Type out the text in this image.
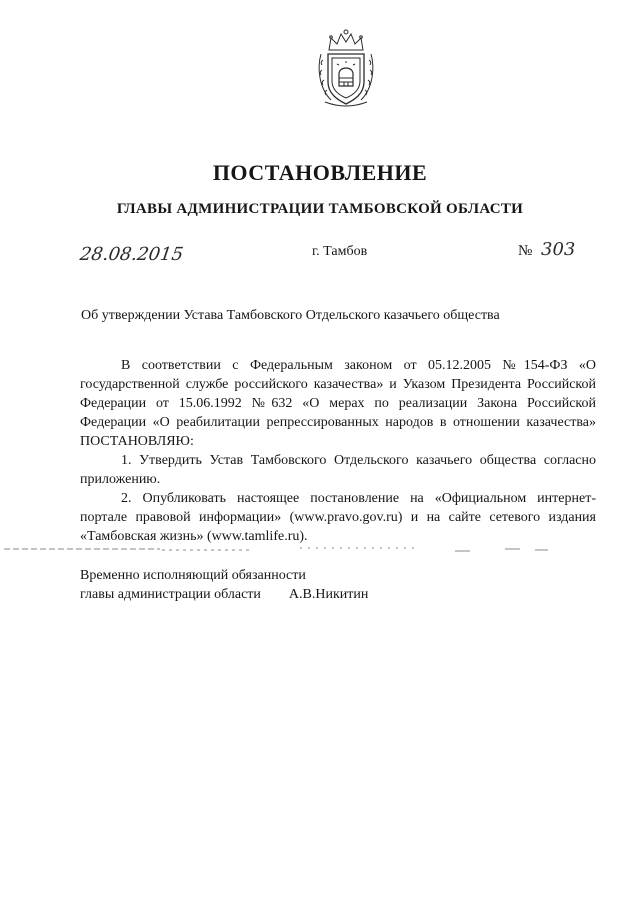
ПОСТАНОВЛЕНИЕ
ГЛАВЫ АДМИНИСТРАЦИИ ТАМБОВСКОЙ ОБЛАСТИ
28.08.2015	г. Тамбов	№ 303
Об утверждении Устава Тамбовского Отдельского казачьего общества

В соответствии с Федеральным законом от 05.12.2005 №154-ФЗ «О государственной службе российского казачества» и Указом Президента Российской Федерации от 15.06.1992 №632 «О мерах по реализации Закона Российской Федерации «О реабилитации репрессированных народов в отношении казачества» ПОСТАНОВЛЯЮ:

1. Утвердить Устав Тамбовского Отдельского казачьего общества согласно приложению.

2. Опубликовать настоящее постановление на «Официальном интернет-портале правовой информации» (www.pravo.gov.ru) и на сайте сетевого издания «Тамбовская жизнь» (www.tamlife.ru).

Временно исполняющий обязанности
главы администрации области А.В.Никитин
